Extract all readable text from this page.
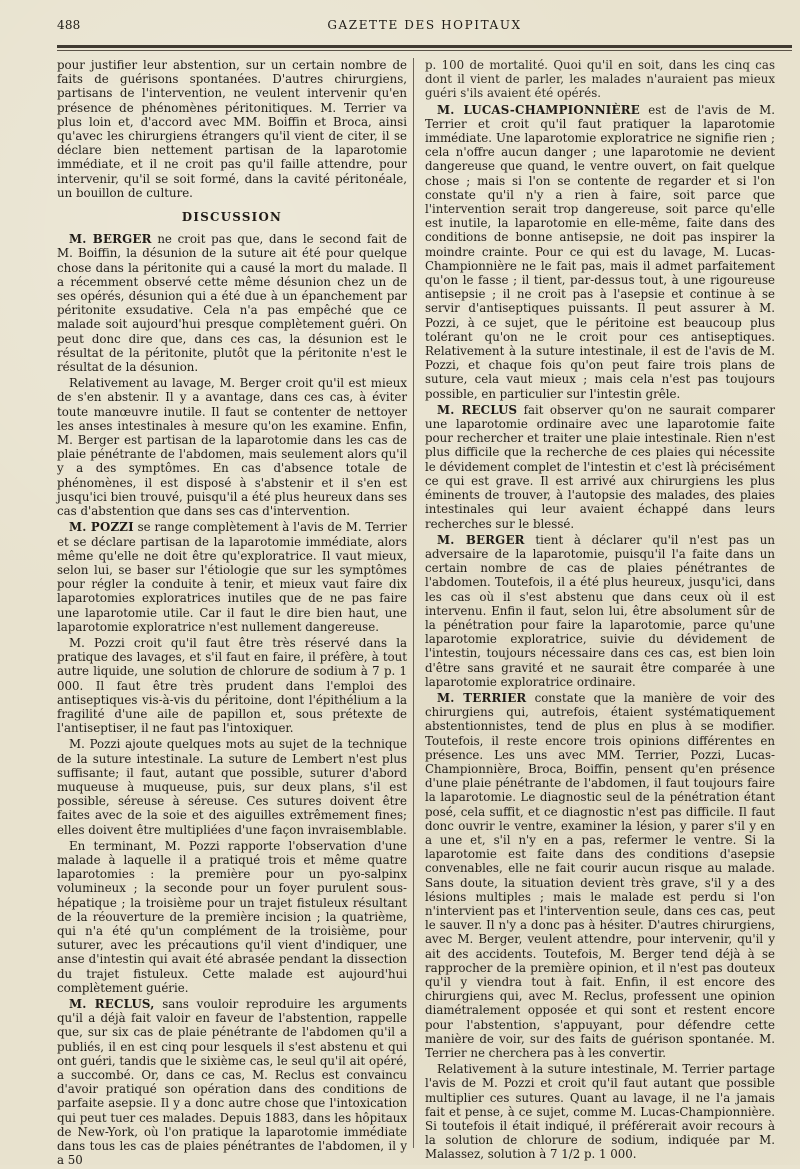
488	GAZETTE DES HOPITAUX

pour justifier leur abstention, sur un certain nombre de faits de guérisons spontanées. D'autres chirurgiens, partisans de l'intervention, ne veulent intervenir qu'en présence de phénomènes péritonitiques. M. Terrier va plus loin et, d'accord avec MM. Boiffin et Broca, ainsi qu'avec les chirurgiens étrangers qu'il vient de citer, il se déclare bien nettement partisan de la laparotomie immédiate, et il ne croit pas qu'il faille attendre, pour intervenir, qu'il se soit formé, dans la cavité péritonéale, un bouillon de culture.

DISCUSSION

M. BERGER ne croit pas que, dans le second fait de M. Boiffin, la désunion de la suture ait été pour quelque chose dans la péritonite qui a causé la mort du malade. Il a récemment observé cette même désunion chez un de ses opérés, désunion qui a été due à un épanchement par péritonite exsudative. Cela n'a pas empêché que ce malade soit aujourd'hui presque complètement guéri. On peut donc dire que, dans ces cas, la désunion est le résultat de la péritonite, plutôt que la péritonite n'est le résultat de la désunion.

Relativement au lavage, M. Berger croit qu'il est mieux de s'en abstenir. Il y a avantage, dans ces cas, à éviter toute manœuvre inutile. Il faut se contenter de nettoyer les anses intestinales à mesure qu'on les examine. Enfin, M. Berger est partisan de la laparotomie dans les cas de plaie pénétrante de l'abdomen, mais seulement alors qu'il y a des symptômes. En cas d'absence totale de phénomènes, il est disposé à s'abstenir et il s'en est jusqu'ici bien trouvé, puisqu'il a été plus heureux dans ses cas d'abstention que dans ses cas d'intervention.

M. POZZI se range complètement à l'avis de M. Terrier et se déclare partisan de la laparotomie immédiate, alors même qu'elle ne doit être qu'exploratrice. Il vaut mieux, selon lui, se baser sur l'étiologie que sur les symptômes pour régler la conduite à tenir, et mieux vaut faire dix laparotomies exploratrices inutiles que de ne pas faire une laparotomie utile. Car il faut le dire bien haut, une laparotomie exploratrice n'est nullement dangereuse.

M. Pozzi croit qu'il faut être très réservé dans la pratique des lavages, et s'il faut en faire, il préfère, à tout autre liquide, une solution de chlorure de sodium à 7 p. 1 000. Il faut être très prudent dans l'emploi des antiseptiques vis-à-vis du péritoine, dont l'épithélium a la fragilité d'une aile de papillon et, sous prétexte de l'antiseptiser, il ne faut pas l'intoxiquer.

M. Pozzi ajoute quelques mots au sujet de la technique de la suture intestinale. La suture de Lembert n'est plus suffisante; il faut, autant que possible, suturer d'abord muqueuse à muqueuse, puis, sur deux plans, s'il est possible, séreuse à séreuse. Ces sutures doivent être faites avec de la soie et des aiguilles extrêmement fines; elles doivent être multipliées d'une façon invraisemblable.

En terminant, M. Pozzi rapporte l'observation d'une malade à laquelle il a pratiqué trois et même quatre laparotomies : la première pour un pyo-salpinx volumineux ; la seconde pour un foyer purulent sous-hépatique ; la troisième pour un trajet fistuleux résultant de la réouverture de la première incision ; la quatrième, qui n'a été qu'un complément de la troisième, pour suturer, avec les précautions qu'il vient d'indiquer, une anse d'intestin qui avait été abrasée pendant la dissection du trajet fistuleux. Cette malade est aujourd'hui complètement guérie.

M. RECLUS, sans vouloir reproduire les arguments qu'il a déjà fait valoir en faveur de l'abstention, rappelle que, sur six cas de plaie pénétrante de l'abdomen qu'il a publiés, il en est cinq pour lesquels il s'est abstenu et qui ont guéri, tandis que le sixième cas, le seul qu'il ait opéré, a succombé. Or, dans ce cas, M. Reclus est convaincu d'avoir pratiqué son opération dans des conditions de parfaite asepsie. Il y a donc autre chose que l'intoxication qui peut tuer ces malades. Depuis 1883, dans les hôpitaux de New-York, où l'on pratique la laparotomie immédiate dans tous les cas de plaies pénétrantes de l'abdomen, il y a 50

p. 100 de mortalité. Quoi qu'il en soit, dans les cinq cas dont il vient de parler, les malades n'auraient pas mieux guéri s'ils avaient été opérés.

M. LUCAS-CHAMPIONNIÈRE est de l'avis de M. Terrier et croit qu'il faut pratiquer la laparotomie immédiate. Une laparotomie exploratrice ne signifie rien ; cela n'offre aucun danger ; une laparotomie ne devient dangereuse que quand, le ventre ouvert, on fait quelque chose ; mais si l'on se contente de regarder et si l'on constate qu'il n'y a rien à faire, soit parce que l'intervention serait trop dangereuse, soit parce qu'elle est inutile, la laparotomie en elle-même, faite dans des conditions de bonne antisepsie, ne doit pas inspirer la moindre crainte. Pour ce qui est du lavage, M. Lucas-Championnière ne le fait pas, mais il admet parfaitement qu'on le fasse ; il tient, par-dessus tout, à une rigoureuse antisepsie ; il ne croit pas à l'asepsie et continue à se servir d'antiseptiques puissants. Il peut assurer à M. Pozzi, à ce sujet, que le péritoine est beaucoup plus tolérant qu'on ne le croit pour ces antiseptiques. Relativement à la suture intestinale, il est de l'avis de M. Pozzi, et chaque fois qu'on peut faire trois plans de suture, cela vaut mieux ; mais cela n'est pas toujours possible, en particulier sur l'intestin grêle.

M. RECLUS fait observer qu'on ne saurait comparer une laparotomie ordinaire avec une laparotomie faite pour rechercher et traiter une plaie intestinale. Rien n'est plus difficile que la recherche de ces plaies qui nécessite le dévidement complet de l'intestin et c'est là précisément ce qui est grave. Il est arrivé aux chirurgiens les plus éminents de trouver, à l'autopsie des malades, des plaies intestinales qui leur avaient échappé dans leurs recherches sur le blessé.

M. BERGER tient à déclarer qu'il n'est pas un adversaire de la laparotomie, puisqu'il l'a faite dans un certain nombre de cas de plaies pénétrantes de l'abdomen. Toutefois, il a été plus heureux, jusqu'ici, dans les cas où il s'est abstenu que dans ceux où il est intervenu. Enfin il faut, selon lui, être absolument sûr de la pénétration pour faire la laparotomie, parce qu'une laparotomie exploratrice, suivie du dévidement de l'intestin, toujours nécessaire dans ces cas, est bien loin d'être sans gravité et ne saurait être comparée à une laparotomie exploratrice ordinaire.

M. TERRIER constate que la manière de voir des chirurgiens qui, autrefois, étaient systématiquement abstentionnistes, tend de plus en plus à se modifier. Toutefois, il reste encore trois opinions différentes en présence. Les uns avec MM. Terrier, Pozzi, Lucas-Championnière, Broca, Boiffin, pensent qu'en présence d'une plaie pénétrante de l'abdomen, il faut toujours faire la laparotomie. Le diagnostic seul de la pénétration étant posé, cela suffit, et ce diagnostic n'est pas difficile. Il faut donc ouvrir le ventre, examiner la lésion, y parer s'il y en a une et, s'il n'y en a pas, refermer le ventre. Si la laparotomie est faite dans des conditions d'asepsie convenables, elle ne fait courir aucun risque au malade. Sans doute, la situation devient très grave, s'il y a des lésions multiples ; mais le malade est perdu si l'on n'intervient pas et l'intervention seule, dans ces cas, peut le sauver. Il n'y a donc pas à hésiter. D'autres chirurgiens, avec M. Berger, veulent attendre, pour intervenir, qu'il y ait des accidents. Toutefois, M. Berger tend déjà à se rapprocher de la première opinion, et il n'est pas douteux qu'il y viendra tout à fait. Enfin, il est encore des chirurgiens qui, avec M. Reclus, professent une opinion diamétralement opposée et qui sont et restent encore pour l'abstention, s'appuyant, pour défendre cette manière de voir, sur des faits de guérison spontanée. M. Terrier ne cherchera pas à les convertir.

Relativement à la suture intestinale, M. Terrier partage l'avis de M. Pozzi et croit qu'il faut autant que possible multiplier ces sutures. Quant au lavage, il ne l'a jamais fait et pense, à ce sujet, comme M. Lucas-Championnière. Si toutefois il était indiqué, il préférerait avoir recours à la solution de chlorure de sodium, indiquée par M. Malassez, solution à 7 1/2 p. 1 000.
